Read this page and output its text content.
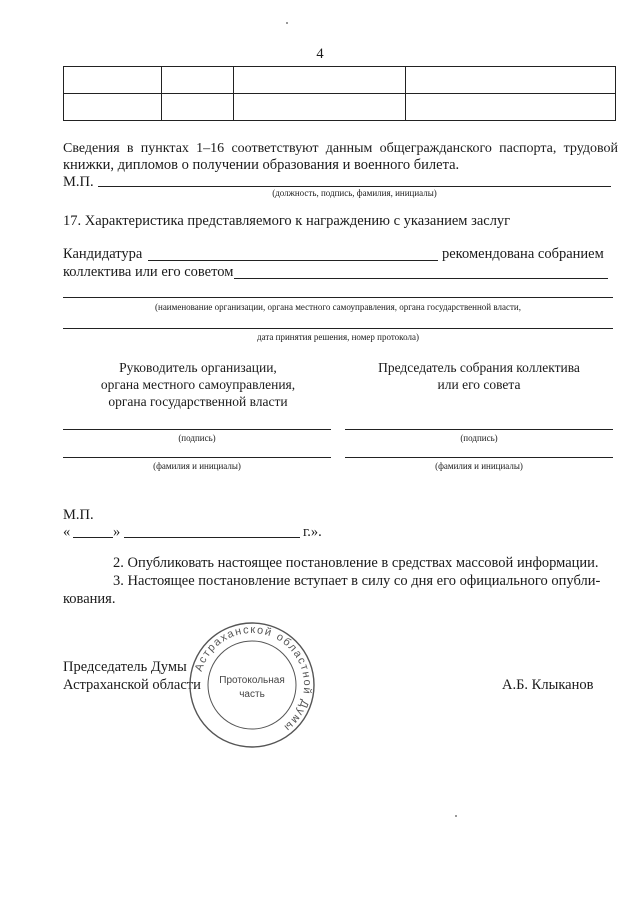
4

Сведения в пунктах 1–16 соответствуют данным общегражданского паспорта, трудовой
книжки, дипломов о получении образования и военного билета.
М.П.
(должность, подпись, фамилия, инициалы)
17. Характеристика представляемого к награждению с указанием заслуг
Кандидатура	рекомендована собранием
коллектива или его советом
(наименование организации, органа местного самоуправления, органа государственной власти,
дата принятия решения, номер протокола)
Руководитель организации,
органа местного самоуправления,
органа государственной власти
Председатель собрания коллектива
или его совета
(подпись)	(подпись)
(фамилия и инициалы)	(фамилия и инициалы)
М.П.
«	»	г.».
2. Опубликовать настоящее постановление в средствах массовой информации.
3. Настоящее постановление вступает в силу со дня его официального опубли-
кования.
Председатель Думы
Астраханской области	А.Б. Клыканов
Астраханской областной Думы
Протокольная
часть
